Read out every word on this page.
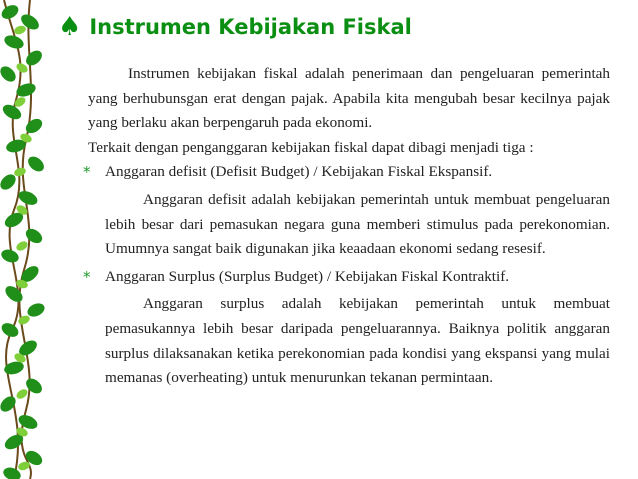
♠ Instrumen Kebijakan Fiskal

Instrumen kebijakan fiskal adalah penerimaan dan pengeluaran pemerintah yang berhubunsgan erat dengan pajak. Apabila kita mengubah besar kecilnya pajak yang berlaku akan berpengaruh pada ekonomi.

Terkait dengan penganggaran kebijakan fiskal dapat dibagi menjadi tiga :

* Anggaran defisit (Defisit Budget) / Kebijakan Fiskal Ekspansif.

Anggaran defisit adalah kebijakan pemerintah untuk membuat pengeluaran lebih besar dari pemasukan negara guna memberi stimulus pada perekonomian. Umumnya sangat baik digunakan jika keaadaan ekonomi sedang resesif.

* Anggaran Surplus (Surplus Budget) / Kebijakan Fiskal Kontraktif.

Anggaran surplus adalah kebijakan pemerintah untuk membuat pemasukannya lebih besar daripada pengeluarannya. Baiknya politik anggaran surplus dilaksanakan ketika perekonomian pada kondisi yang ekspansi yang mulai memanas (overheating) untuk menurunkan tekanan permintaan.
